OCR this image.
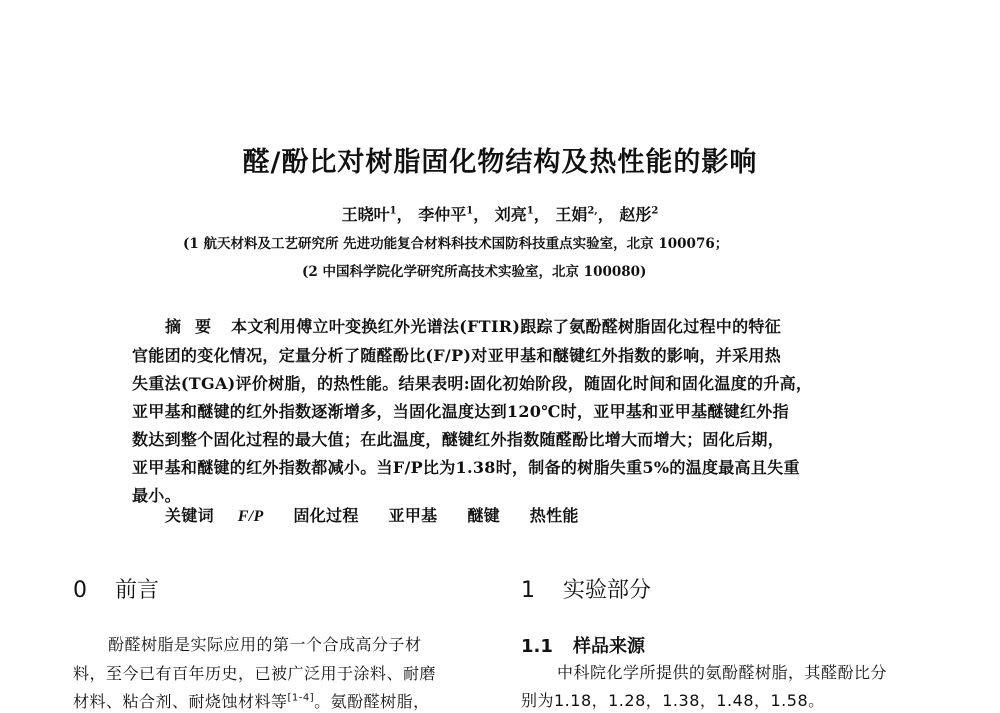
醛/酚比对树脂固化物结构及热性能的影响
王晓叶$^1$， 李仲平$^1$， 刘亮$^1$， 王娟$^{2,}$， 赵彤$^2$
(1 航天材料及工艺研究所 先进功能复合材料科技术国防科技重点实验室，北京 100076；
(2 中国科学院化学研究所高技术实验室，北京 100080)
摘要 本文利用傅立叶变换红外光谱法(FTIR)跟踪了氨酚醛树脂固化过程中的特征
官能团的变化情况，定量分析了随醛酚比(F/P)对亚甲基和醚键红外指数的影响，并采用热
失重法(TGA)评价树脂，的热性能。结果表明:固化初始阶段，随固化时间和固化温度的升高，
亚甲基和醚键的红外指数逐渐增多，当固化温度达到120℃时，亚甲基和亚甲基醚键红外指
数达到整个固化过程的最大值；在此温度，醚键红外指数随醛酚比增大而增大；固化后期，
亚甲基和醚键的红外指数都减小。当F/P比为1.38时，制备的树脂失重5%的温度最高且失重
最小。
关键词 F/P 固化过程 亚甲基 醚键 热性能
0 前言
酚醛树脂是实际应用的第一个合成高分子材
料，至今已有百年历史，已被广泛用于涂料、耐磨
材料、粘合剂、耐烧蚀材料等[1-4]。氨酚醛树脂，
1 实验部分
1.1 样品来源
中科院化学所提供的氨酚醛树脂，其醛酚比分
别为1.18，1.28，1.38，1.48，1.58。
